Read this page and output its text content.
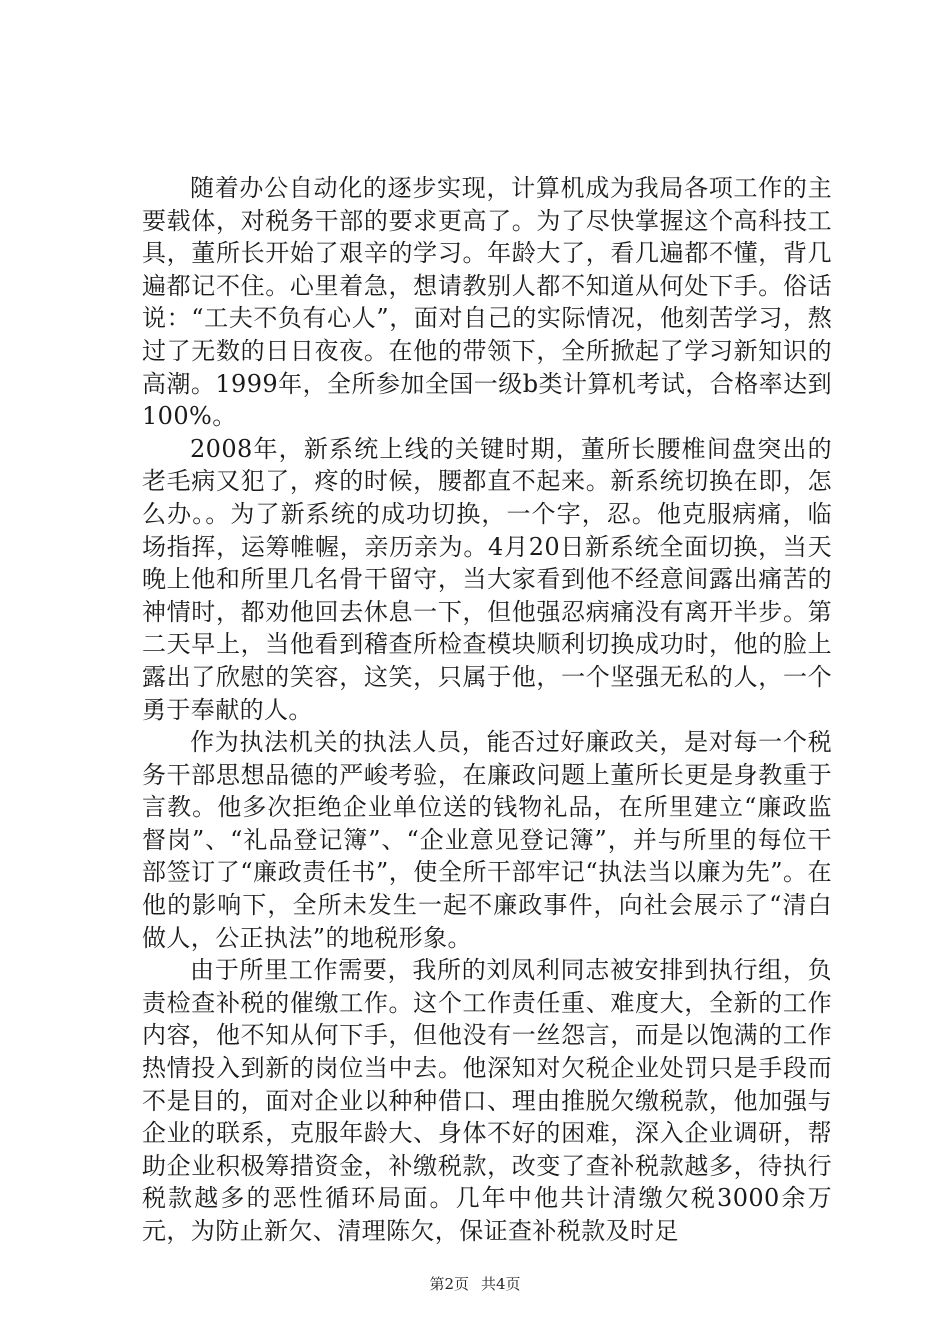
随着办公自动化的逐步实现，计算机成为我局各项工作的主要载体，对税务干部的要求更高了。为了尽快掌握这个高科技工具，董所长开始了艰辛的学习。年龄大了，看几遍都不懂，背几遍都记不住。心里着急，想请教别人都不知道从何处下手。俗话说：“工夫不负有心人”，面对自己的实际情况，他刻苦学习，熬过了无数的日日夜夜。在他的带领下，全所掀起了学习新知识的高潮。1999年，全所参加全国一级b类计算机考试，合格率达到100%。

2008年，新系统上线的关键时期，董所长腰椎间盘突出的老毛病又犯了，疼的时候，腰都直不起来。新系统切换在即，怎么办。。为了新系统的成功切换，一个字，忍。他克服病痛，临场指挥，运筹帷幄，亲历亲为。4月20日新系统全面切换，当天晚上他和所里几名骨干留守，当大家看到他不经意间露出痛苦的神情时，都劝他回去休息一下，但他强忍病痛没有离开半步。第二天早上，当他看到稽查所检查模块顺利切换成功时，他的脸上露出了欣慰的笑容，这笑，只属于他，一个坚强无私的人，一个勇于奉献的人。

作为执法机关的执法人员，能否过好廉政关，是对每一个税务干部思想品德的严峻考验，在廉政问题上董所长更是身教重于言教。他多次拒绝企业单位送的钱物礼品，在所里建立“廉政监督岗”、“礼品登记簿”、“企业意见登记簿”，并与所里的每位干部签订了“廉政责任书”，使全所干部牢记“执法当以廉为先”。在他的影响下，全所未发生一起不廉政事件，向社会展示了“清白做人，公正执法”的地税形象。

由于所里工作需要，我所的刘凤利同志被安排到执行组，负责检查补税的催缴工作。这个工作责任重、难度大，全新的工作内容，他不知从何下手，但他没有一丝怨言，而是以饱满的工作热情投入到新的岗位当中去。他深知对欠税企业处罚只是手段而不是目的，面对企业以种种借口、理由推脱欠缴税款，他加强与企业的联系，克服年龄大、身体不好的困难，深入企业调研，帮助企业积极筹措资金，补缴税款，改变了查补税款越多，待执行税款越多的恶性循环局面。几年中他共计清缴欠税3000余万元，为防止新欠、清理陈欠，保证查补税款及时足

第2页 共4页
